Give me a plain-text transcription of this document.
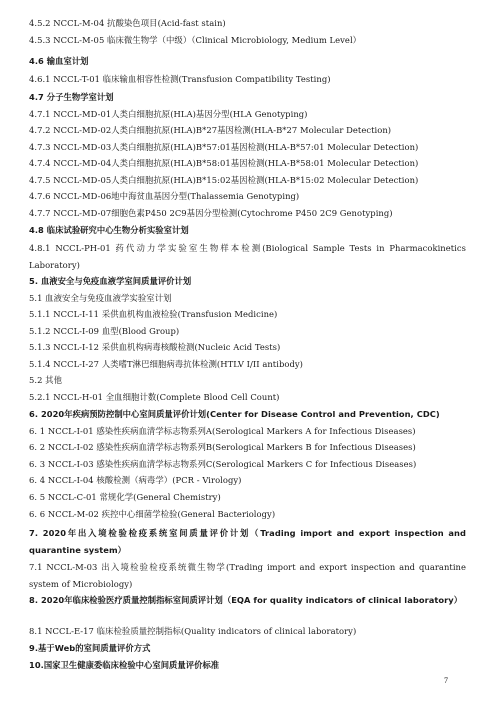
4.5.2 NCCL-M-04 抗酸染色项目(Acid-fast stain)
4.5.3 NCCL-M-05 临床微生物学（中级）（Clinical Microbiology, Medium Level）
4.6 输血室计划
4.6.1 NCCL-T-01 临床输血相容性检测(Transfusion Compatibility Testing)
4.7 分子生物学室计划
4.7.1 NCCL-MD-01人类白细胞抗原(HLA)基因分型(HLA Genotyping)
4.7.2 NCCL-MD-02人类白细胞抗原(HLA)B*27基因检测(HLA-B*27 Molecular Detection)
4.7.3 NCCL-MD-03人类白细胞抗原(HLA)B*57:01基因检测(HLA-B*57:01 Molecular Detection)
4.7.4 NCCL-MD-04人类白细胞抗原(HLA)B*58:01基因检测(HLA-B*58:01 Molecular Detection)
4.7.5 NCCL-MD-05人类白细胞抗原(HLA)B*15:02基因检测(HLA-B*15:02 Molecular Detection)
4.7.6 NCCL-MD-06地中海贫血基因分型(Thalassemia Genotyping)
4.7.7 NCCL-MD-07细胞色素P450 2C9基因分型检测(Cytochrome P450 2C9 Genotyping)
4.8 临床试验研究中心生物分析实验室计划
4.8.1 NCCL-PH-01 药代动力学实验室生物样本检测(Biological Sample Tests in Pharmacokinetics Laboratory)
5. 血液安全与免疫血液学室间质量评价计划
5.1 血液安全与免疫血液学实验室计划
5.1.1 NCCL-I-11 采供血机构血液检验(Transfusion Medicine)
5.1.2 NCCL-I-09 血型(Blood Group)
5.1.3 NCCL-I-12 采供血机构病毒核酸检测(Nucleic Acid Tests)
5.1.4 NCCL-I-27 人类嗜T淋巴细胞病毒抗体检测(HTLV I/II antibody)
5.2 其他
5.2.1 NCCL-H-01 全血细胞计数(Complete Blood Cell Count)
6. 2020年疾病预防控制中心室间质量评价计划(Center for Disease Control and Prevention, CDC)
6. 1 NCCL-I-01 感染性疾病血清学标志物系列A(Serological Markers A for Infectious Diseases)
6. 2 NCCL-I-02 感染性疾病血清学标志物系列B(Serological Markers B for Infectious Diseases)
6. 3 NCCL-I-03 感染性疾病血清学标志物系列C(Serological Markers C for Infectious Diseases)
6. 4 NCCL-I-04 核酸检测（病毒学）(PCR - Virology)
6. 5 NCCL-C-01 常规化学(General Chemistry)
6. 6 NCCL-M-02 疾控中心细菌学检验(General Bacteriology)
7. 2020年出入境检验检疫系统室间质量评价计划（Trading import and export inspection and quarantine system）
7.1 NCCL-M-03 出入境检验检疫系统微生物学(Trading import and export inspection and quarantine system of Microbiology)
8. 2020年临床检验医疗质量控制指标室间质评计划（EQA for quality indicators of clinical laboratory）
8.1 NCCL-E-17 临床检验质量控制指标(Quality indicators of clinical laboratory)
9.基于Web的室间质量评价方式
10.国家卫生健康委临床检验中心室间质量评价标准
7
